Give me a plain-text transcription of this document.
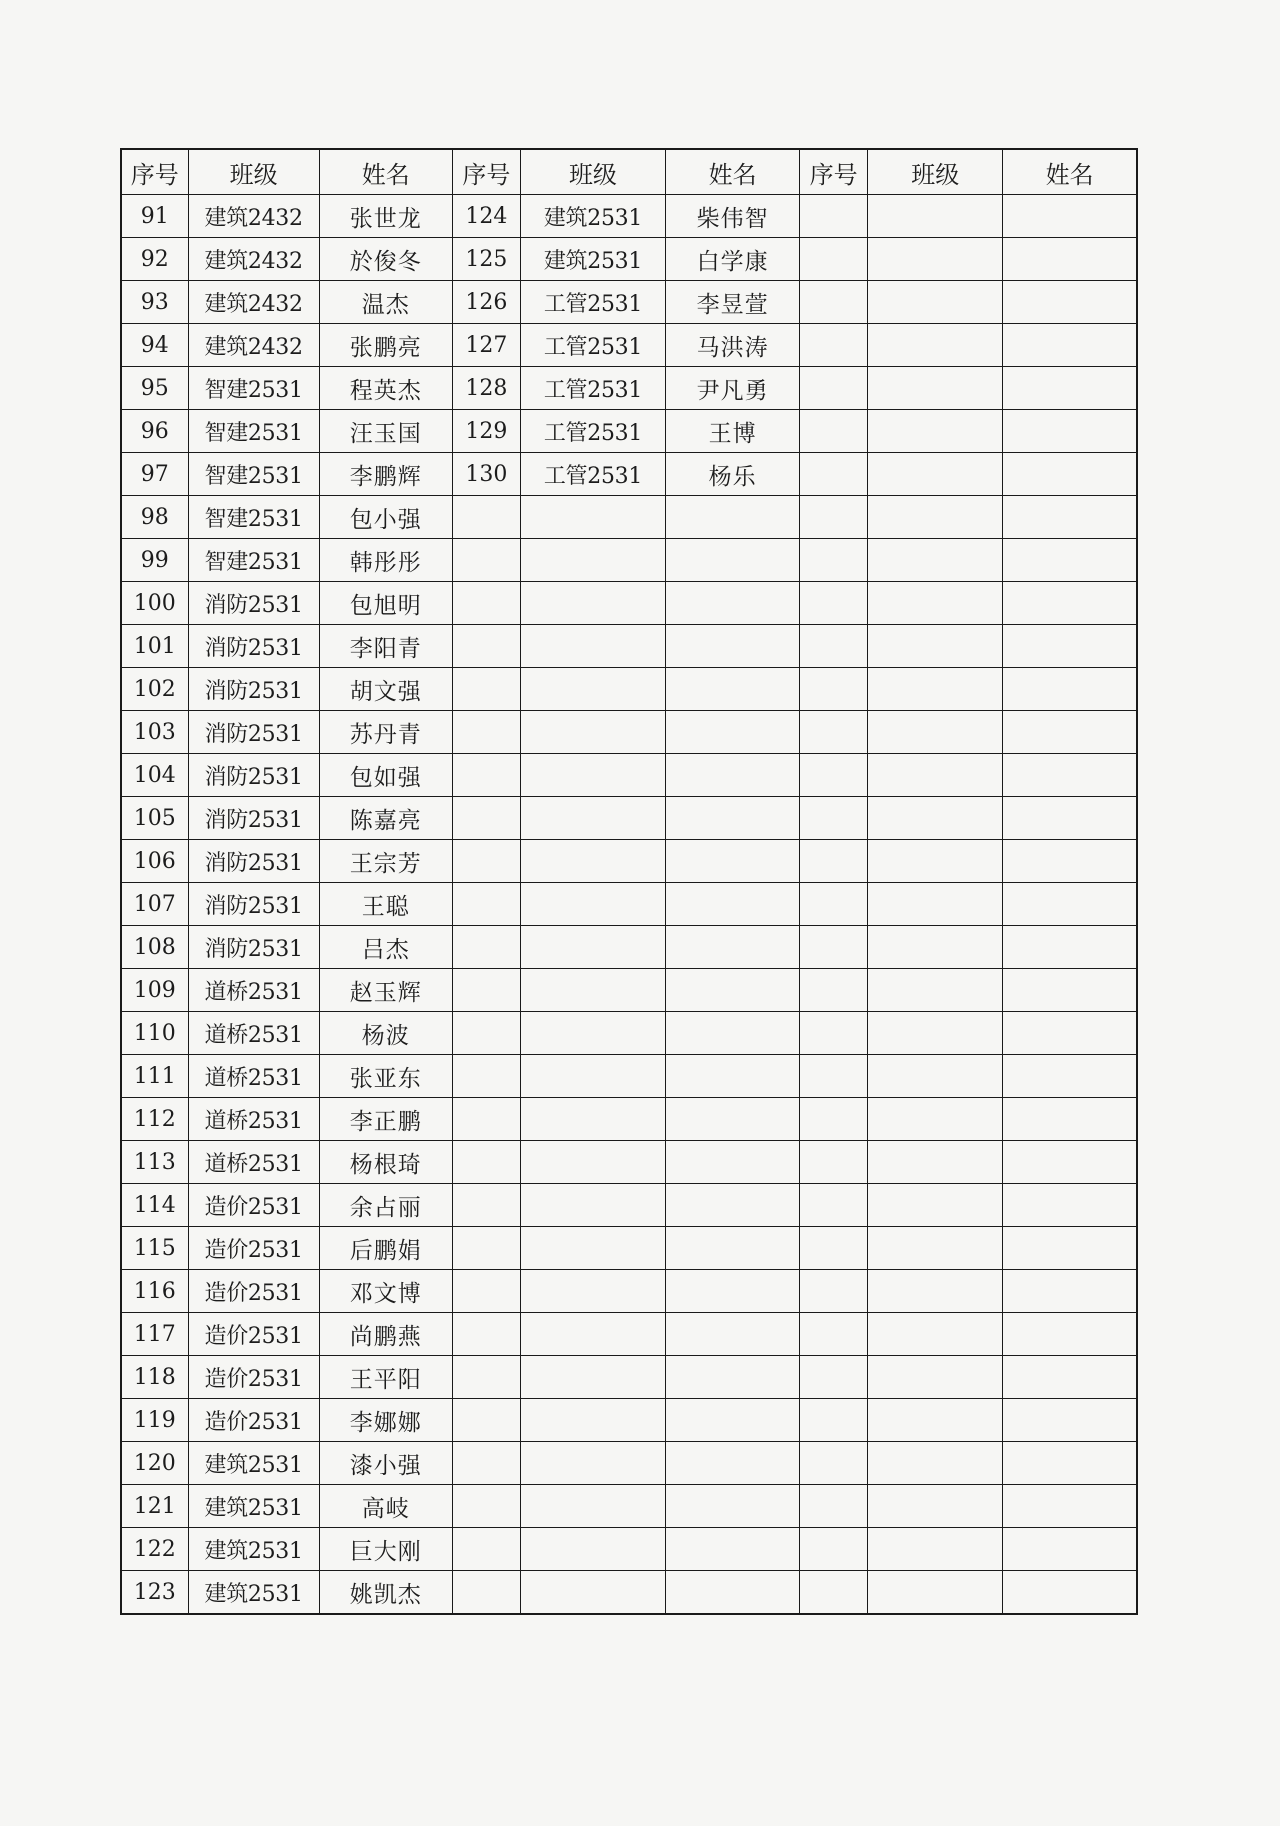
序号	班级	姓名	序号	班级	姓名	序号	班级	姓名
91	建筑2432	张世龙	124	建筑2531	柴伟智			
92	建筑2432	於俊冬	125	建筑2531	白学康			
93	建筑2432	温杰	126	工管2531	李昱萱			
94	建筑2432	张鹏亮	127	工管2531	马洪涛			
95	智建2531	程英杰	128	工管2531	尹凡勇			
96	智建2531	汪玉国	129	工管2531	王博			
97	智建2531	李鹏辉	130	工管2531	杨乐			
98	智建2531	包小强						
99	智建2531	韩彤彤						
100	消防2531	包旭明						
101	消防2531	李阳青						
102	消防2531	胡文强						
103	消防2531	苏丹青						
104	消防2531	包如强						
105	消防2531	陈嘉亮						
106	消防2531	王宗芳						
107	消防2531	王聪						
108	消防2531	吕杰						
109	道桥2531	赵玉辉						
110	道桥2531	杨波						
111	道桥2531	张亚东						
112	道桥2531	李正鹏						
113	道桥2531	杨根琦						
114	造价2531	余占丽						
115	造价2531	后鹏娟						
116	造价2531	邓文博						
117	造价2531	尚鹏燕						
118	造价2531	王平阳						
119	造价2531	李娜娜						
120	建筑2531	漆小强						
121	建筑2531	高岐						
122	建筑2531	巨大刚						
123	建筑2531	姚凯杰						
